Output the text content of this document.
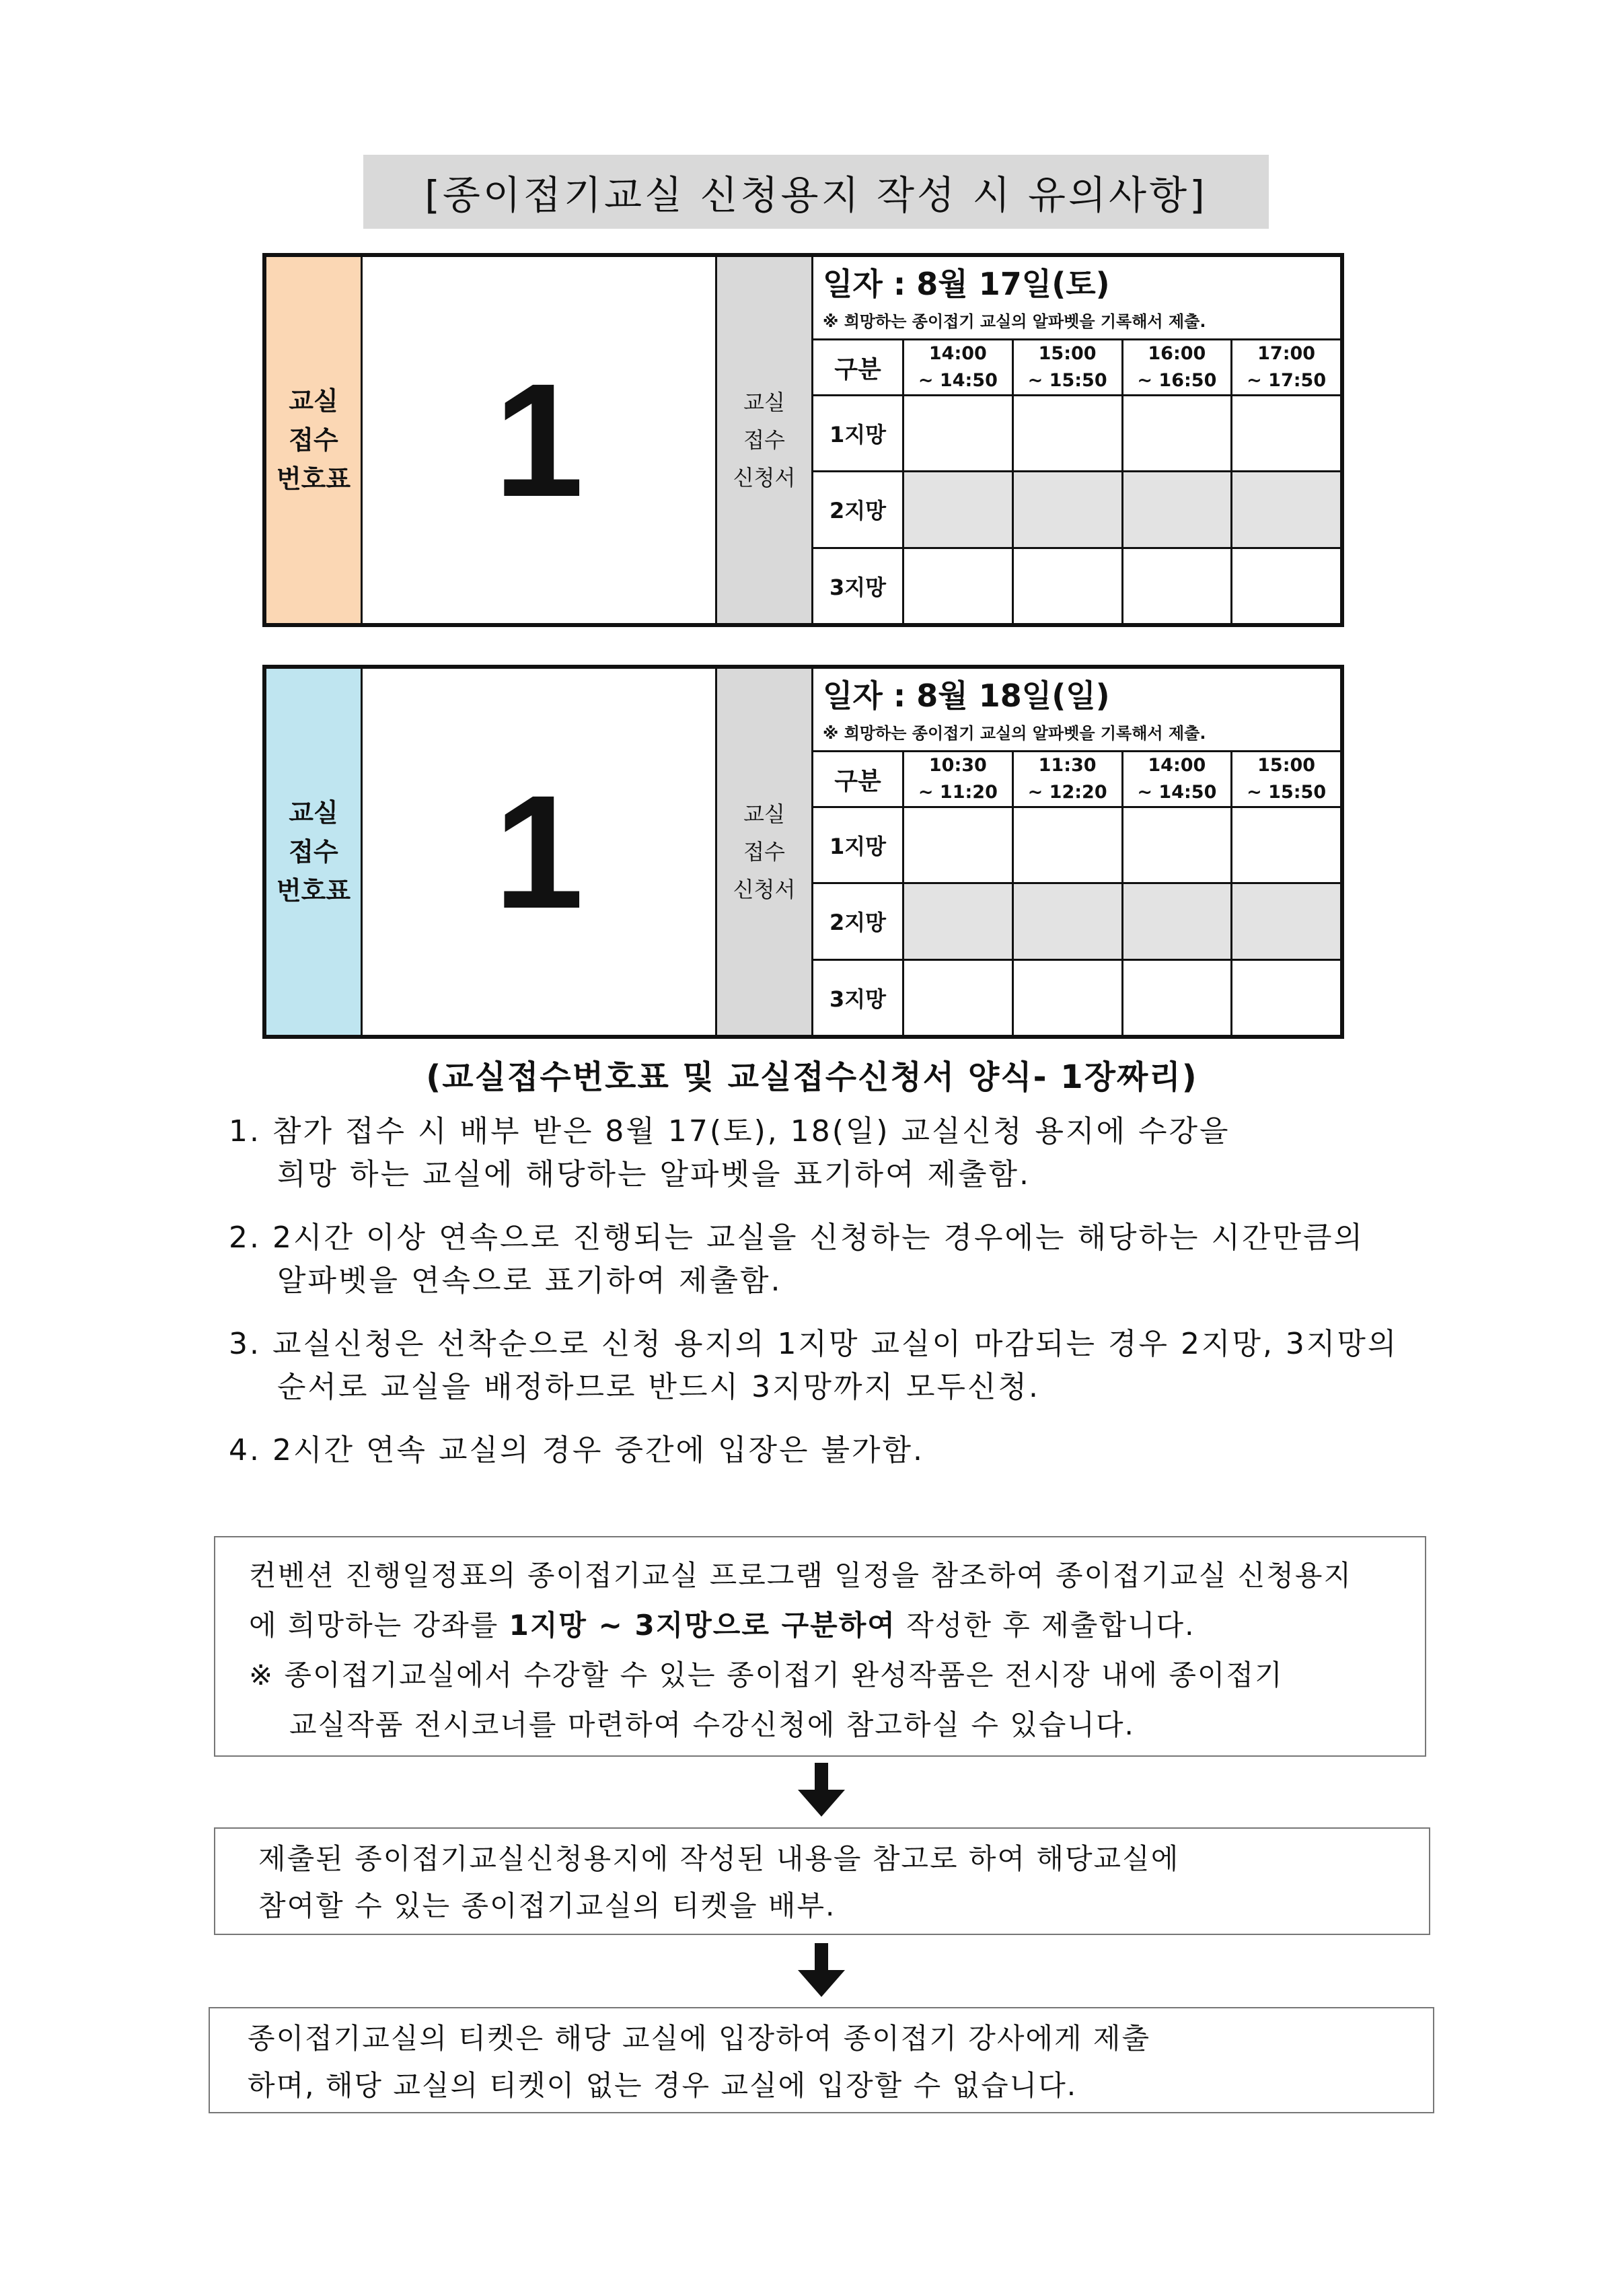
[종이접기교실 신청용지 작성 시 유의사항]
교실
접수
번호표 1	교실
접수
신청서
일자 : 8월 17일(토)
※ 희망하는 종이접기 교실의 알파벳을 기록해서 제출.
구분
14:00
~ 14:50
15:00
~ 15:50
16:00
~ 16:50
17:00
~ 17:50
1지망
2지망
3지망
교실
접수
번호표 1	교실
접수
신청서
일자 : 8월 18일(일)
※ 희망하는 종이접기 교실의 알파벳을 기록해서 제출.
구분
10:30
~ 11:20
11:30
~ 12:20
14:00
~ 14:50
15:00
~ 15:50
1지망
2지망
3지망
(교실접수번호표 및 교실접수신청서 양식- 1장짜리)
1. 참가 접수 시 배부 받은 8월 17(토), 18(일) 교실신청 용지에 수강을
희망 하는 교실에 해당하는 알파벳을 표기하여 제출함.
2. 2시간 이상 연속으로 진행되는 교실을 신청하는 경우에는 해당하는 시간만큼의
알파벳을 연속으로 표기하여 제출함.
3. 교실신청은 선착순으로 신청 용지의 1지망 교실이 마감되는 경우 2지망, 3지망의
순서로 교실을 배정하므로 반드시 3지망까지 모두신청.
4. 2시간 연속 교실의 경우 중간에 입장은 불가함.
컨벤션 진행일정표의 종이접기교실 프로그램 일정을 참조하여 종이접기교실 신청용지
에 희망하는 강좌를 1지망 ~ 3지망으로 구분하여 작성한 후 제출합니다.
※ 종이접기교실에서 수강할 수 있는 종이접기 완성작품은 전시장 내에 종이접기
교실작품 전시코너를 마련하여 수강신청에 참고하실 수 있습니다.
제출된 종이접기교실신청용지에 작성된 내용을 참고로 하여 해당교실에
참여할 수 있는 종이접기교실의 티켓을 배부.
종이접기교실의 티켓은 해당 교실에 입장하여 종이접기 강사에게 제출
하며, 해당 교실의 티켓이 없는 경우 교실에 입장할 수 없습니다.
